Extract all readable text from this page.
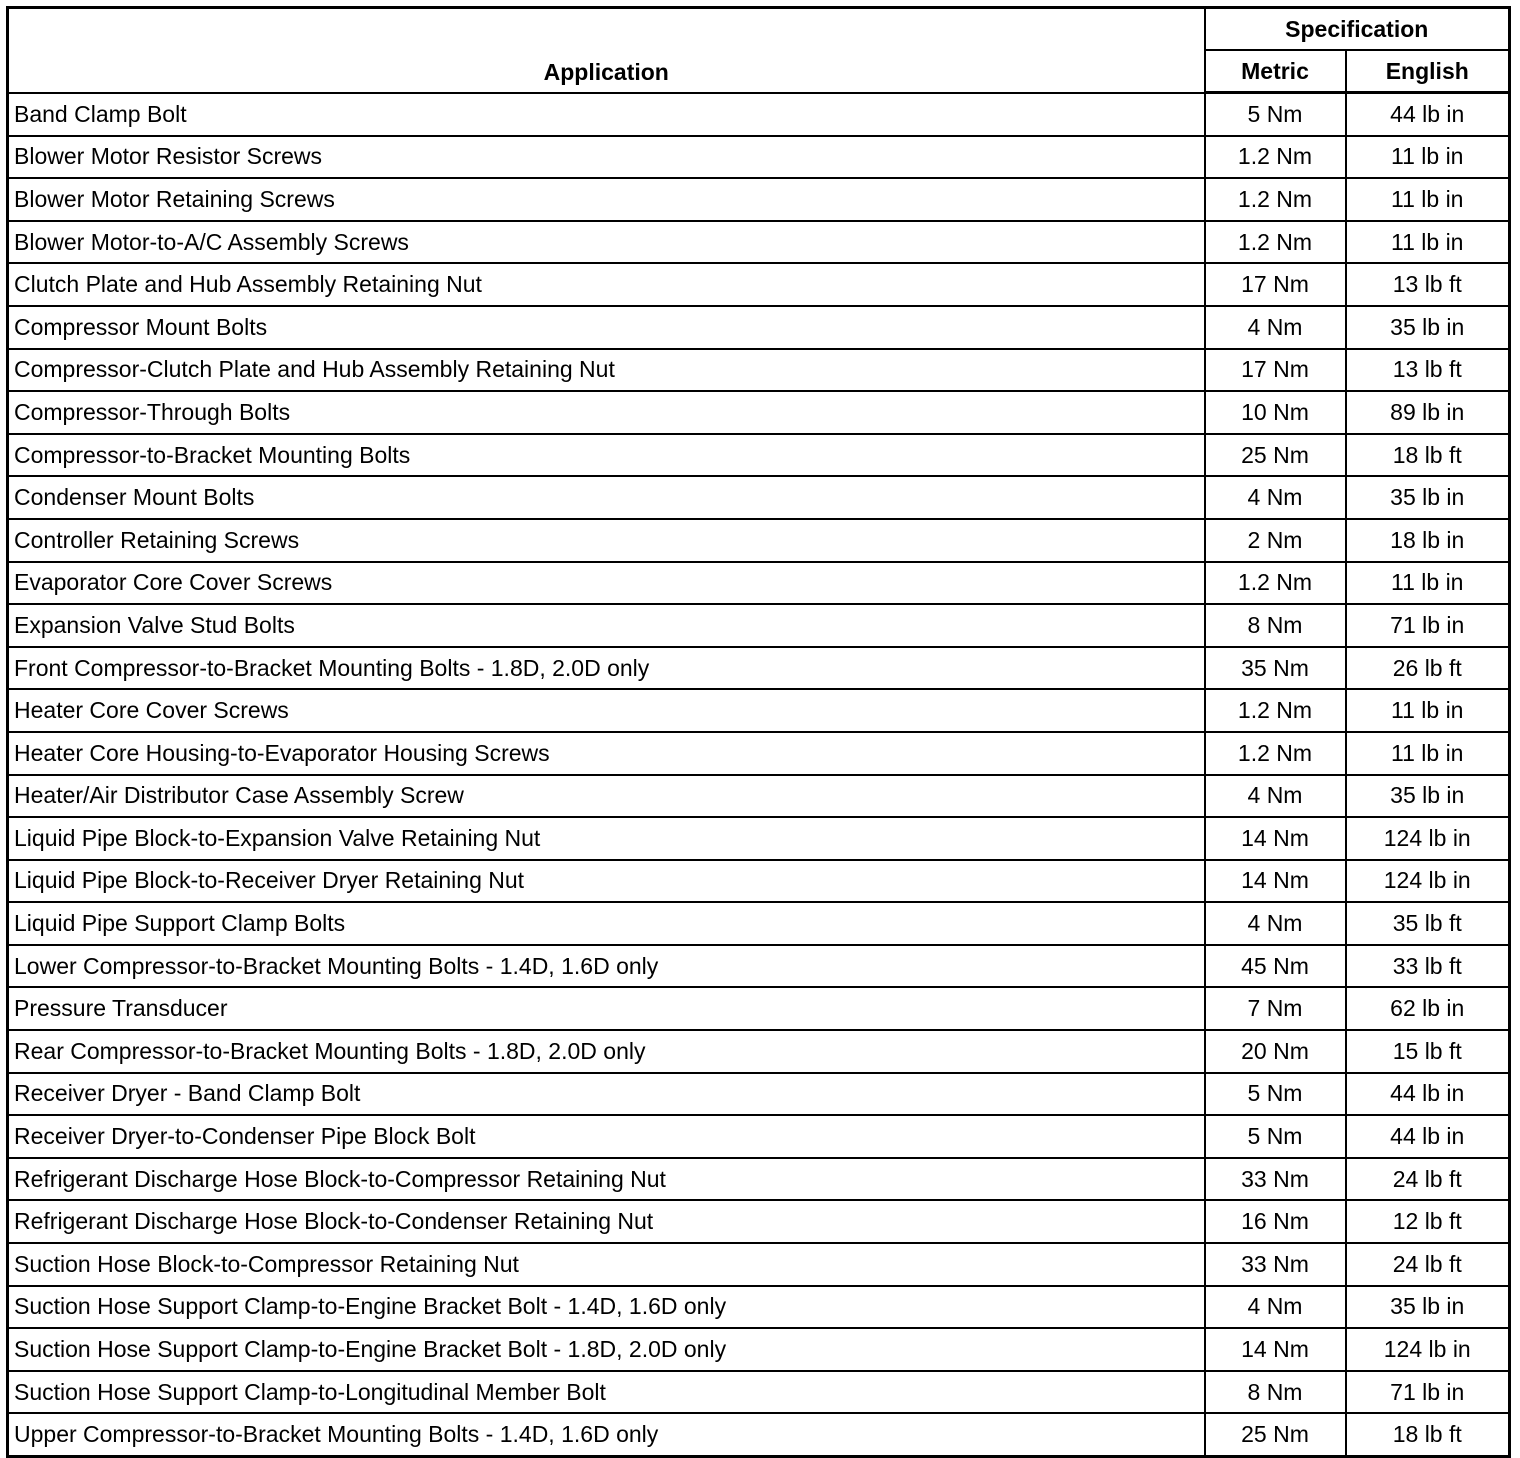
Application	Specification	
	Metric	English
Band Clamp Bolt	5 Nm	44 lb in
Blower Motor Resistor Screws	1.2 Nm	11 lb in
Blower Motor Retaining Screws	1.2 Nm	11 lb in
Blower Motor-to-A/C Assembly Screws	1.2 Nm	11 lb in
Clutch Plate and Hub Assembly Retaining Nut	17 Nm	13 lb ft
Compressor Mount Bolts	4 Nm	35 lb in
Compressor-Clutch Plate and Hub Assembly Retaining Nut	17 Nm	13 lb ft
Compressor-Through Bolts	10 Nm	89 lb in
Compressor-to-Bracket Mounting Bolts	25 Nm	18 lb ft
Condenser Mount Bolts	4 Nm	35 lb in
Controller Retaining Screws	2 Nm	18 lb in
Evaporator Core Cover Screws	1.2 Nm	11 lb in
Expansion Valve Stud Bolts	8 Nm	71 lb in
Front Compressor-to-Bracket Mounting Bolts - 1.8D, 2.0D only	35 Nm	26 lb ft
Heater Core Cover Screws	1.2 Nm	11 lb in
Heater Core Housing-to-Evaporator Housing Screws	1.2 Nm	11 lb in
Heater/Air Distributor Case Assembly Screw	4 Nm	35 lb in
Liquid Pipe Block-to-Expansion Valve Retaining Nut	14 Nm	124 lb in
Liquid Pipe Block-to-Receiver Dryer Retaining Nut	14 Nm	124 lb in
Liquid Pipe Support Clamp Bolts	4 Nm	35 lb ft
Lower Compressor-to-Bracket Mounting Bolts - 1.4D, 1.6D only	45 Nm	33 lb ft
Pressure Transducer	7 Nm	62 lb in
Rear Compressor-to-Bracket Mounting Bolts - 1.8D, 2.0D only	20 Nm	15 lb ft
Receiver Dryer - Band Clamp Bolt	5 Nm	44 lb in
Receiver Dryer-to-Condenser Pipe Block Bolt	5 Nm	44 lb in
Refrigerant Discharge Hose Block-to-Compressor Retaining Nut	33 Nm	24 lb ft
Refrigerant Discharge Hose Block-to-Condenser Retaining Nut	16 Nm	12 lb ft
Suction Hose Block-to-Compressor Retaining Nut	33 Nm	24 lb ft
Suction Hose Support Clamp-to-Engine Bracket Bolt - 1.4D, 1.6D only	4 Nm	35 lb in
Suction Hose Support Clamp-to-Engine Bracket Bolt - 1.8D, 2.0D only	14 Nm	124 lb in
Suction Hose Support Clamp-to-Longitudinal Member Bolt	8 Nm	71 lb in
Upper Compressor-to-Bracket Mounting Bolts - 1.4D, 1.6D only	25 Nm	18 lb ft
